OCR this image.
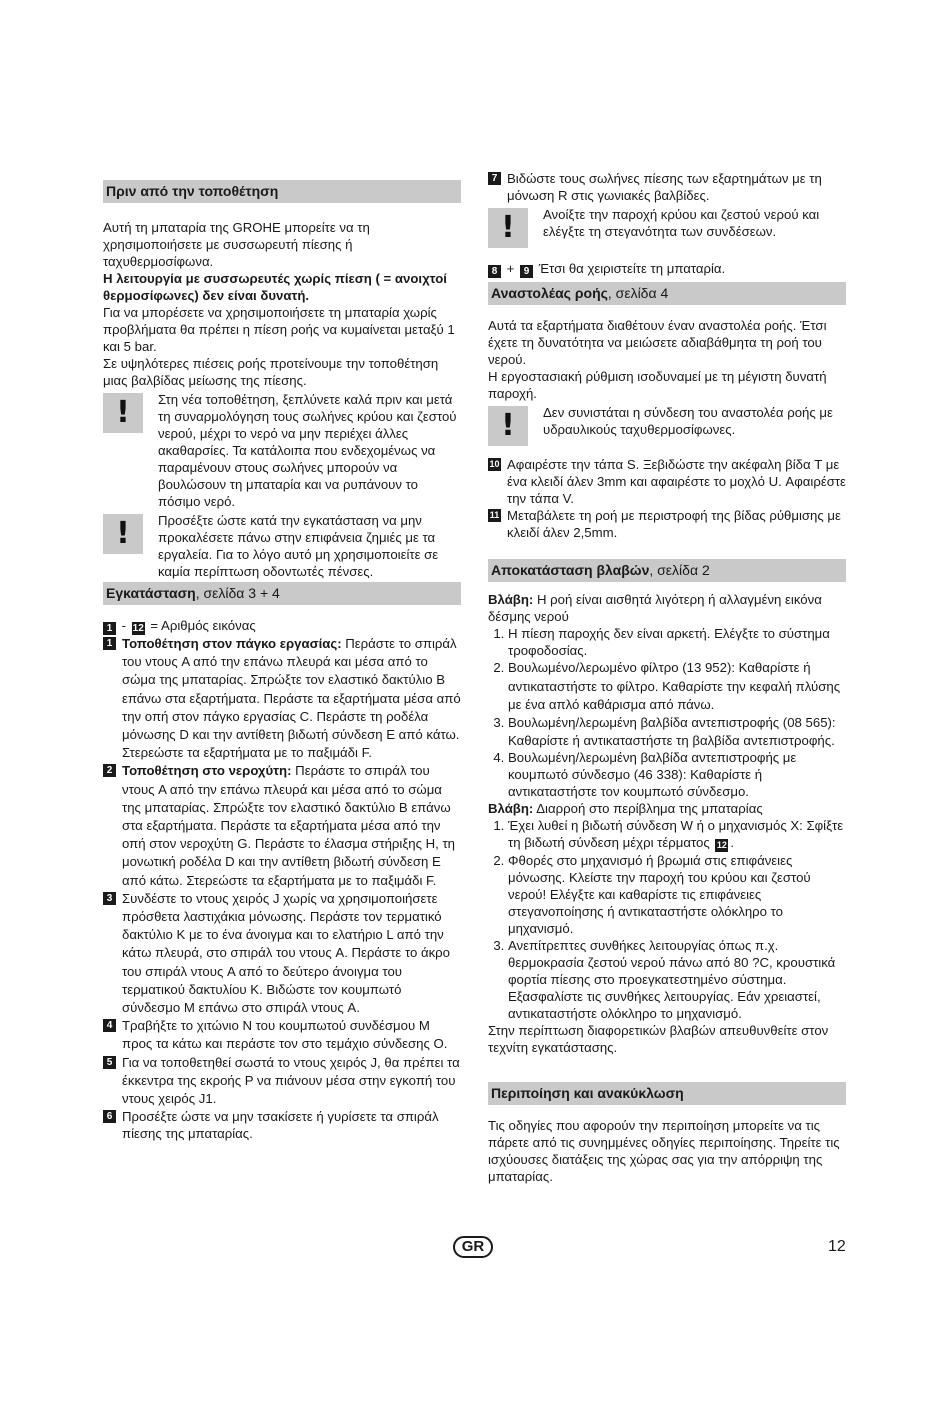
Πριν από την τοποθέτηση

Αυτή τη μπαταρία της GROHE μπορείτε να τη χρησιμοποιήσετε με συσσωρευτή πίεσης ή ταχυθερμοσίφωνα.

Η λειτουργία με συσσωρευτές χωρίς πίεση ( = ανοιχτοί θερμοσίφωνες) δεν είναι δυνατή.

Για να μπορέσετε να χρησιμοποιήσετε τη μπαταρία χωρίς προβλήματα θα πρέπει η πίεση ροής να κυμαίνεται μεταξύ 1 και 5 bar.

Σε υψηλότερες πιέσεις ροής προτείνουμε την τοποθέτηση μιας βαλβίδας μείωσης της πίεσης.

!	Στη νέα τοποθέτηση, ξεπλύνετε καλά πριν και μετά τη συναρμολόγηση τους σωλήνες κρύου και ζεστού νερού, μέχρι το νερό να μην περιέχει άλλες ακαθαρσίες. Τα κατάλοιπα που ενδεχομένως να παραμένουν στους σωλήνες μπορούν να βουλώσουν τη μπαταρία και να ρυπάνουν το πόσιμο νερό.
!	Προσέξτε ώστε κατά την εγκατάσταση να μην προκαλέσετε πάνω στην επιφάνεια ζημιές με τα εργαλεία. Για το λόγο αυτό μη χρησιμοποιείτε σε καμία περίπτωση οδοντωτές πένσες.
Εγκατάσταση, σελίδα 3 + 4

1 - 12 = Αριθμός εικόνας

1 Τοποθέτηση στον πάγκο εργασίας: Περάστε το σπιράλ του ντους A από την επάνω πλευρά και μέσα από το σώμα της μπαταρίας. Σπρώξτε τον ελαστικό δακτύλιο B επάνω στα εξαρτήματα. Περάστε τα εξαρτήματα μέσα από την οπή στον πάγκο εργασίας C. Περάστε τη ροδέλα μόνωσης D και την αντίθετη βιδωτή σύνδεση E από κάτω. Στερεώστε τα εξαρτήματα με το παξιμάδι F.
2 Τοποθέτηση στο νεροχύτη: Περάστε το σπιράλ του ντους A από την επάνω πλευρά και μέσα από το σώμα της μπαταρίας. Σπρώξτε τον ελαστικό δακτύλιο B επάνω στα εξαρτήματα. Περάστε τα εξαρτήματα μέσα από την οπή στον νεροχύτη G. Περάστε το έλασμα στήριξης H, τη μονωτική ροδέλα D και την αντίθετη βιδωτή σύνδεση E από κάτω. Στερεώστε τα εξαρτήματα με το παξιμάδι F.
3 Συνδέστε το ντους χειρός J χωρίς να χρησιμοποιήσετε πρόσθετα λαστιχάκια μόνωσης. Περάστε τον τερματικό δακτύλιο K με το ένα άνοιγμα και το ελατήριο L από την κάτω πλευρά, στο σπιράλ του ντους A. Περάστε το άκρο του σπιράλ ντους A από το δεύτερο άνοιγμα του τερματικού δακτυλίου K. Βιδώστε τον κουμπωτό σύνδεσμο M επάνω στο σπιράλ ντους A.
4 Τραβήξτε το χιτώνιο N του κουμπωτού συνδέσμου M προς τα κάτω και περάστε τον στο τεμάχιο σύνδεσης O.
5 Για να τοποθετηθεί σωστά το ντους χειρός J, θα πρέπει τα έκκεντρα της εκροής P να πιάνουν μέσα στην εγκοπή του ντους χειρός J1.
6 Προσέξτε ώστε να μην τσακίσετε ή γυρίσετε τα σπιράλ πίεσης της μπαταρίας.
7 Βιδώστε τους σωλήνες πίεσης των εξαρτημάτων με τη μόνωση R στις γωνιακές βαλβίδες.
!	Ανοίξτε την παροχή κρύου και ζεστού νερού και ελέγξτε τη στεγανότητα των συνδέσεων.

8 + 9 Έτσι θα χειριστείτε τη μπαταρία.

Αναστολέας ροής, σελίδα 4

Αυτά τα εξαρτήματα διαθέτουν έναν αναστολέα ροής. Έτσι έχετε τη δυνατότητα να μειώσετε αδιαβάθμητα τη ροή του νερού.

Η εργοστασιακή ρύθμιση ισοδυναμεί με τη μέγιστη δυνατή παροχή.

!	Δεν συνιστάται η σύνδεση του αναστολέα ροής με υδραυλικούς ταχυθερμοσίφωνες.
10 Αφαιρέστε την τάπα S. Ξεβιδώστε την ακέφαλη βίδα T με ένα κλειδί άλεν 3mm και αφαιρέστε το μοχλό U. Αφαιρέστε την τάπα V.
11 Μεταβάλετε τη ροή με περιστροφή της βίδας ρύθμισης με κλειδί άλεν 2,5mm.
Αποκατάσταση βλαβών, σελίδα 2

Βλάβη: Η ροή είναι αισθητά λιγότερη ή αλλαγμένη εικόνα δέσμης νερού

1. Η πίεση παροχής δεν είναι αρκετή. Ελέγξτε το σύστημα τροφοδοσίας.
2. Βουλωμένο/λερωμένο φίλτρο (13 952): Καθαρίστε ή αντικαταστήστε το φίλτρο. Καθαρίστε την κεφαλή πλύσης με ένα απλό καθάρισμα από πάνω.
3. Βουλωμένη/λερωμένη βαλβίδα αντεπιστροφής (08 565): Καθαρίστε ή αντικαταστήστε τη βαλβίδα αντεπιστροφής.
4. Βουλωμένη/λερωμένη βαλβίδα αντεπιστροφής με κουμπωτό σύνδεσμο (46 338): Καθαρίστε ή αντικαταστήστε τον κουμπωτό σύνδεσμο.

Βλάβη: Διαρροή στο περίβλημα της μπαταρίας

1. Έχει λυθεί η βιδωτή σύνδεση W ή ο μηχανισμός X: Σφίξτε τη βιδωτή σύνδεση μέχρι τέρματος 12 .
2. Φθορές στο μηχανισμό ή βρωμιά στις επιφάνειες μόνωσης. Κλείστε την παροχή του κρύου και ζεστού νερού! Ελέγξτε και καθαρίστε τις επιφάνειες στεγανοποίησης ή αντικαταστήστε ολόκληρο το μηχανισμό.
3. Ανεπίτρεπτες συνθήκες λειτουργίας όπως π.χ. θερμοκρασία ζεστού νερού πάνω από 80 ?C, κρουστικά φορτία πίεσης στο προεγκατεστημένο σύστημα. Εξασφαλίστε τις συνθήκες λειτουργίας. Εάν χρειαστεί, αντικαταστήστε ολόκληρο το μηχανισμό.

Στην περίπτωση διαφορετικών βλαβών απευθυνθείτε στον τεχνίτη εγκατάστασης.

Περιποίηση και ανακύκλωση

Τις οδηγίες που αφορούν την περιποίηση μπορείτε να τις πάρετε από τις συνημμένες οδηγίες περιποίησης. Τηρείτε τις ισχύουσες διατάξεις της χώρας σας για την απόρριψη της μπαταρίας.

GR	12
